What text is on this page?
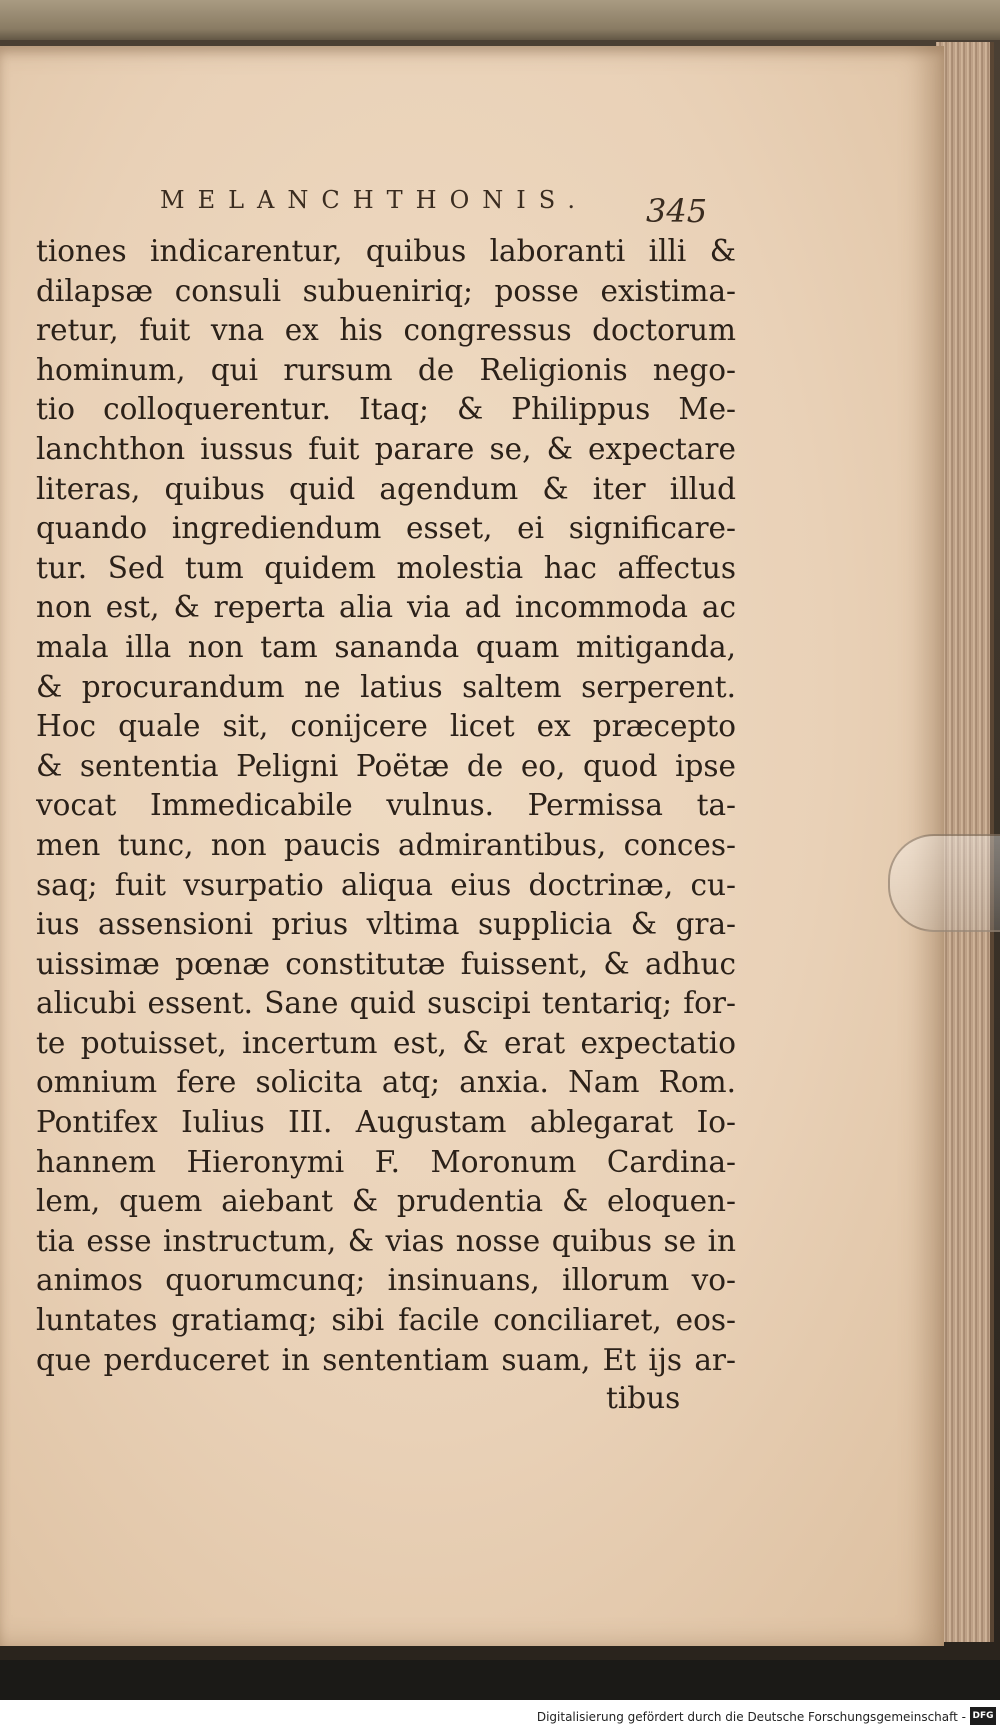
MELANCHTHONIS.	345
tiones indicarentur, quibus laboranti illi &
dilapsæ consuli subueniriq; posse existima-
retur, fuit vna ex his congressus doctorum
hominum, qui rursum de Religionis nego-
tio colloquerentur. Itaq; & Philippus Me-
lanchthon iussus fuit parare se, & expectare
literas, quibus quid agendum & iter illud
quando ingrediendum esset, ei significare-
tur. Sed tum quidem molestia hac affectus
non est, & reperta alia via ad incommoda ac
mala illa non tam sananda quam mitiganda,
& procurandum ne latius saltem serperent.
Hoc quale sit, conijcere licet ex præcepto
& sententia Peligni Poëtæ de eo, quod ipse
vocat Immedicabile vulnus. Permissa ta-
men tunc, non paucis admirantibus, conces-
saq; fuit vsurpatio aliqua eius doctrinæ, cu-
ius assensioni prius vltima supplicia & gra-
uissimæ pœnæ constitutæ fuissent, & adhuc
alicubi essent. Sane quid suscipi tentariq; for-
te potuisset, incertum est, & erat expectatio
omnium fere solicita atq; anxia. Nam Rom.
Pontifex Iulius III. Augustam ablegarat Io-
hannem Hieronymi F. Moronum Cardina-
lem, quem aiebant & prudentia & eloquen-
tia esse instructum, & vias nosse quibus se in
animos quorumcunq; insinuans, illorum vo-
luntates gratiamq; sibi facile conciliaret, eos-
que perduceret in sententiam suam, Et ijs ar-
tibus
Digitalisierung gefördert durch die Deutsche Forschungsgemeinschaft - DFG
